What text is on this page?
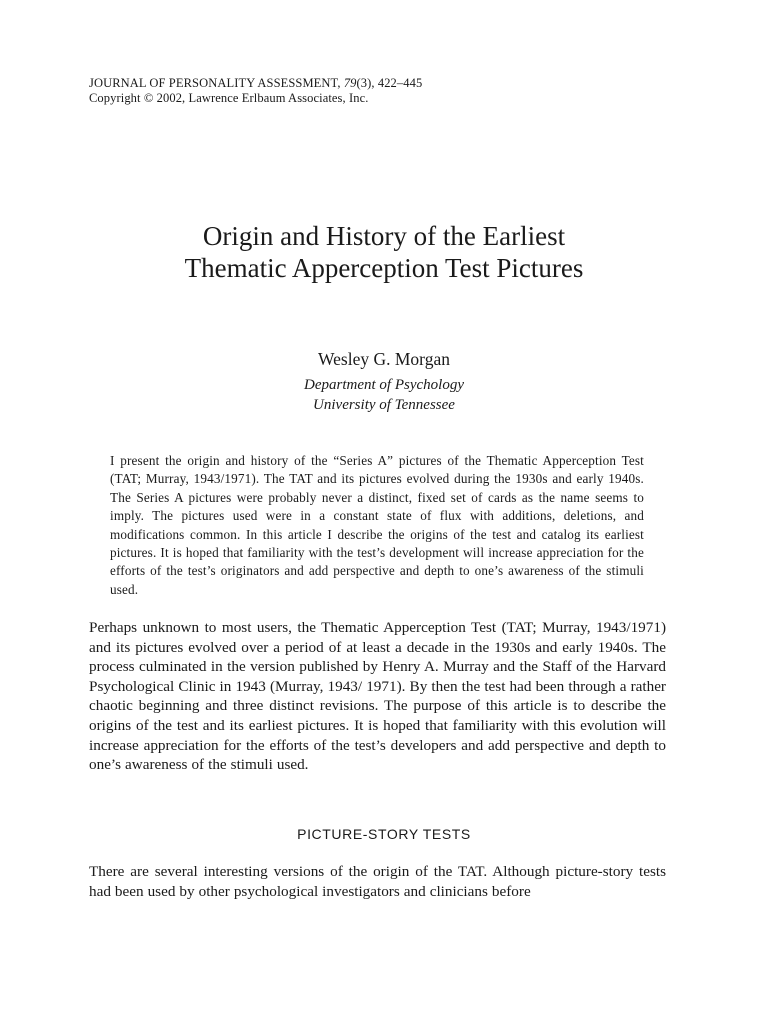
JOURNAL OF PERSONALITY ASSESSMENT, 79(3), 422–445
Copyright © 2002, Lawrence Erlbaum Associates, Inc.
Origin and History of the Earliest
Thematic Apperception Test Pictures
Wesley G. Morgan
Department of Psychology
University of Tennessee
I present the origin and history of the “Series A” pictures of the Thematic Apperception Test (TAT; Murray, 1943/1971). The TAT and its pictures evolved during the 1930s and early 1940s. The Series A pictures were probably never a distinct, fixed set of cards as the name seems to imply. The pictures used were in a constant state of flux with additions, deletions, and modifications common. In this article I describe the origins of the test and catalog its earliest pictures. It is hoped that familiarity with the test’s development will increase appreciation for the efforts of the test’s originators and add perspective and depth to one’s awareness of the stimuli used.
Perhaps unknown to most users, the Thematic Apperception Test (TAT; Murray, 1943/1971) and its pictures evolved over a period of at least a decade in the 1930s and early 1940s. The process culminated in the version published by Henry A. Murray and the Staff of the Harvard Psychological Clinic in 1943 (Murray, 1943/ 1971). By then the test had been through a rather chaotic beginning and three distinct revisions. The purpose of this article is to describe the origins of the test and its earliest pictures. It is hoped that familiarity with this evolution will increase appreciation for the efforts of the test’s developers and add perspective and depth to one’s awareness of the stimuli used.
PICTURE-STORY TESTS
There are several interesting versions of the origin of the TAT. Although picture-story tests had been used by other psychological investigators and clinicians before
